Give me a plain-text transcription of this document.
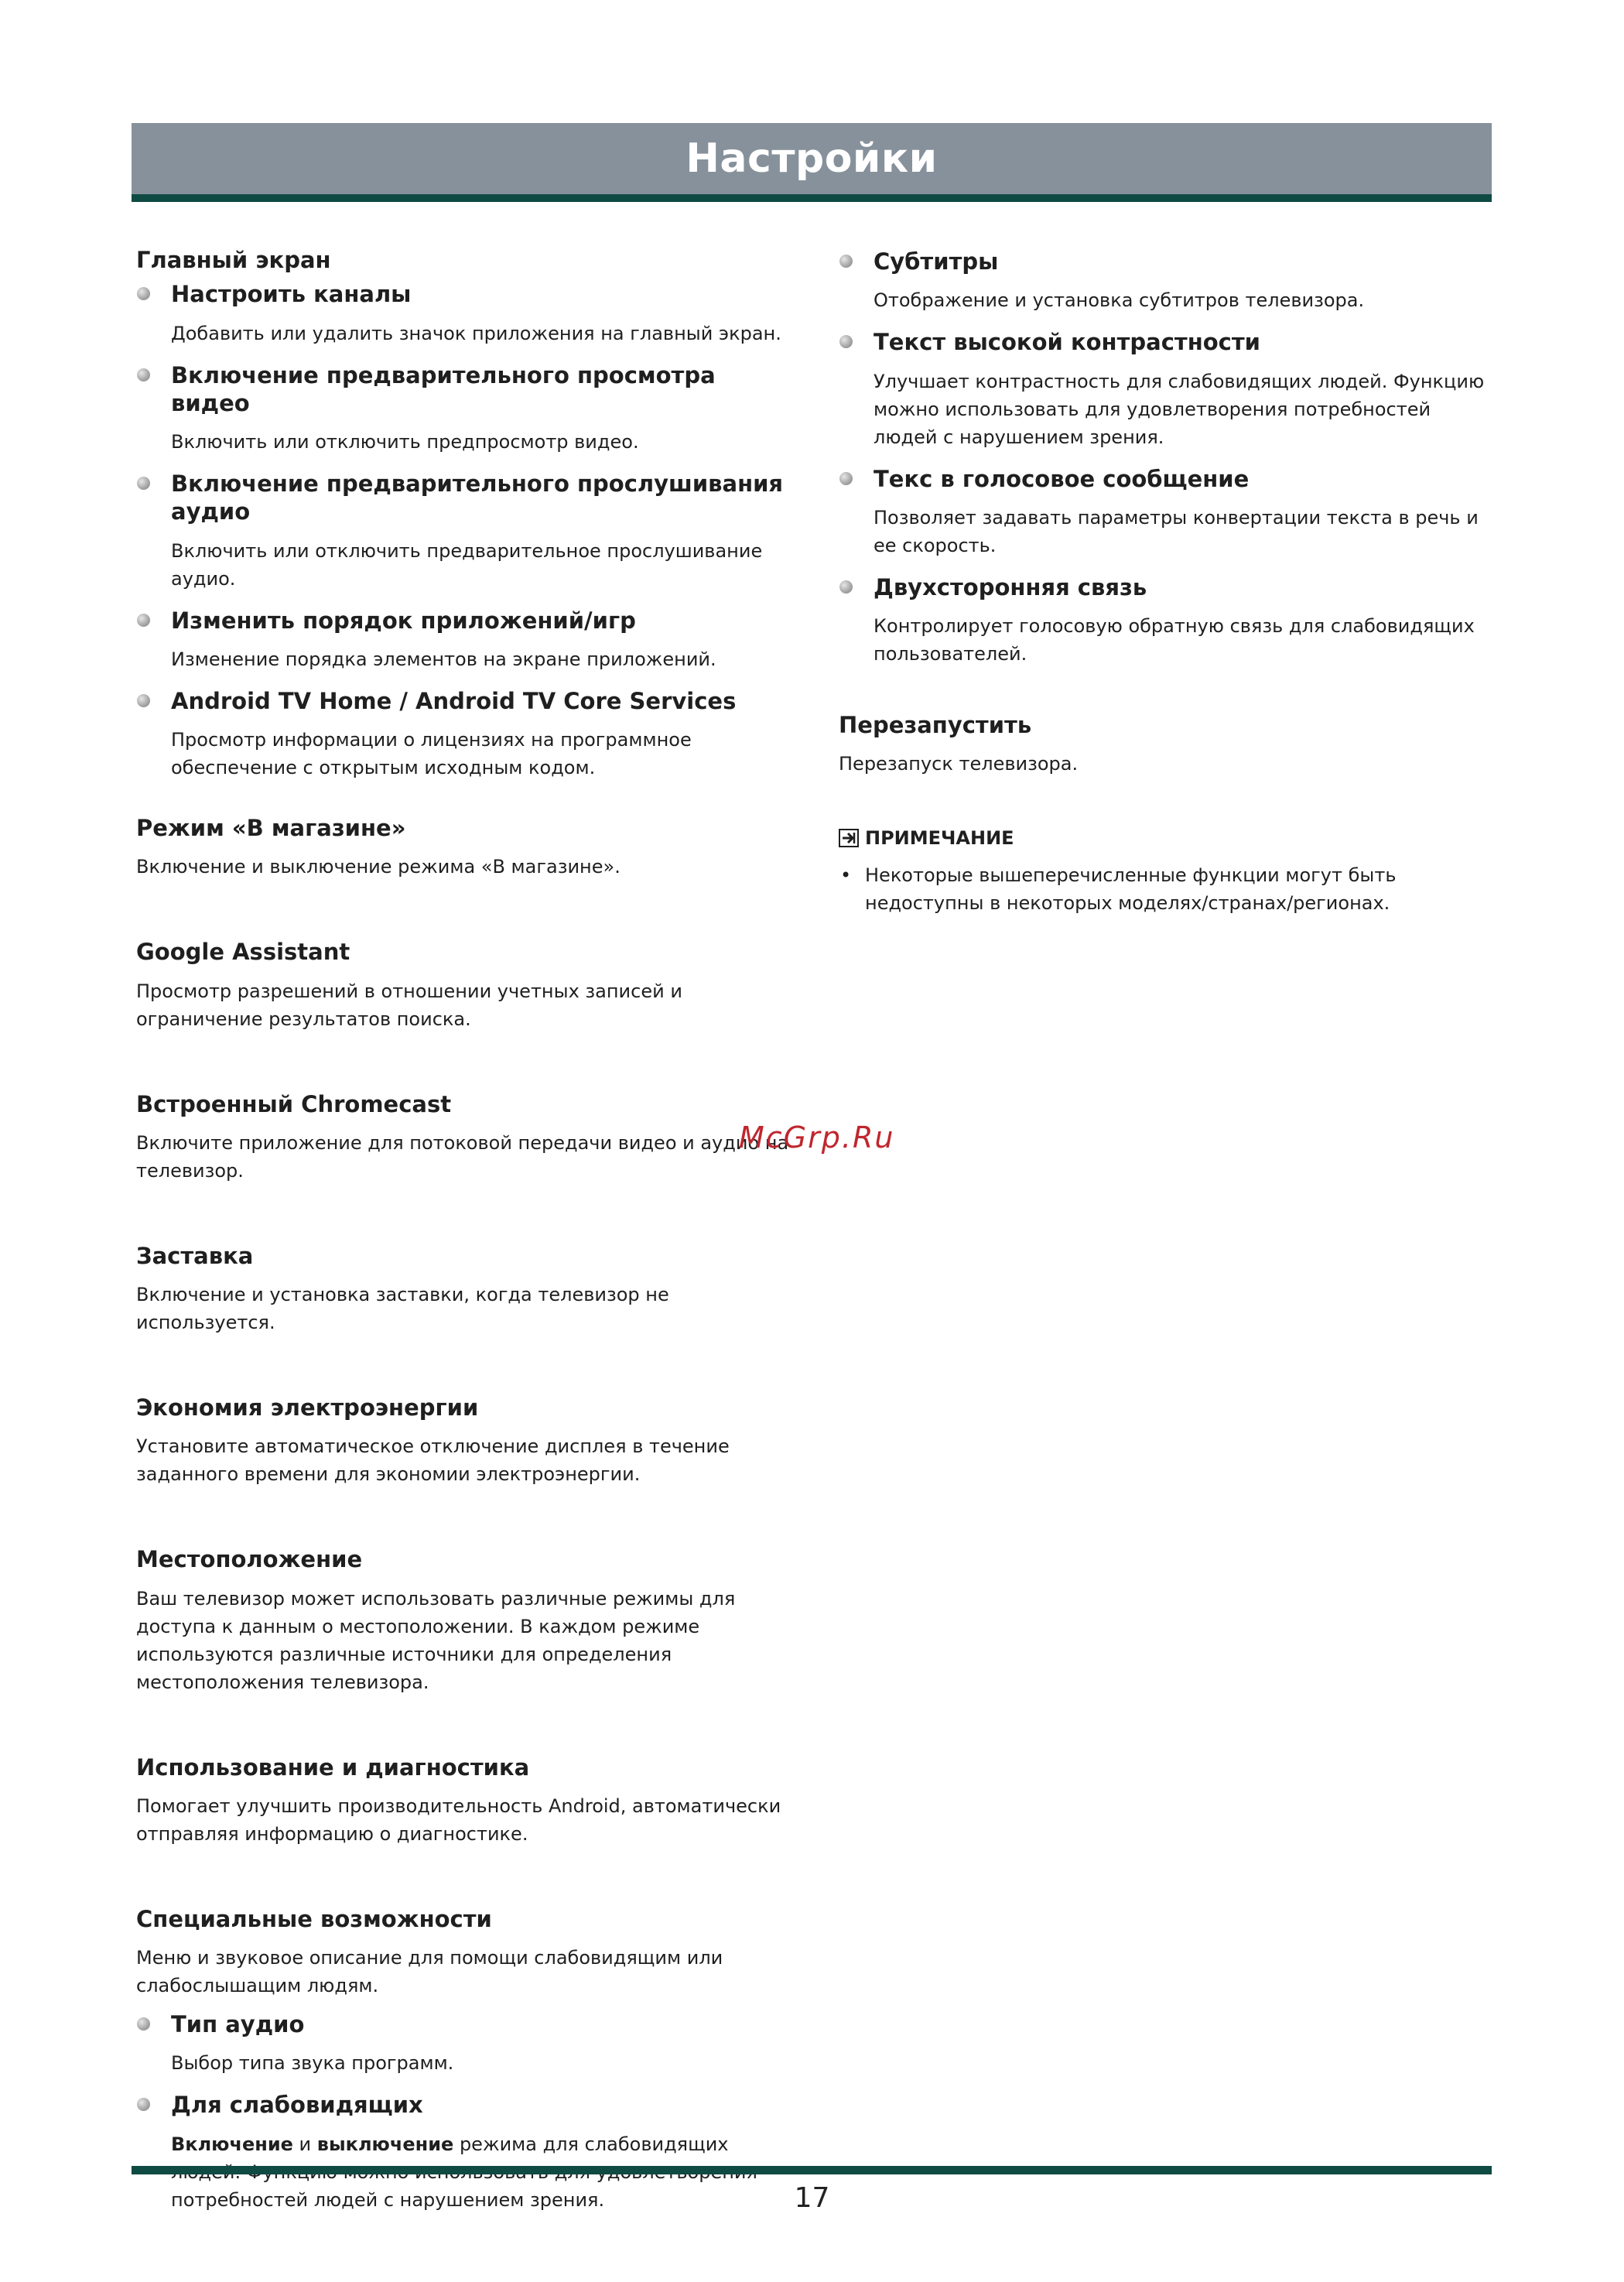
Настройки
Главный экран
Настроить каналы
Добавить или удалить значок приложения на главный экран.
Включение предварительного просмотра видео
Включить или отключить предпросмотр видео.
Включение предварительного прослушивания аудио
Включить или отключить предварительное прослушивание аудио.
Изменить порядок приложений/игр
Изменение порядка элементов на экране приложений.
Android TV Home / Android TV Core Services
Просмотр информации о лицензиях на программное обеспечение с открытым исходным кодом.
Режим «В магазине»
Включение и выключение режима «В магазине».
Google Assistant
Просмотр разрешений в отношении учетных записей и ограничение результатов поиска.
Встроенный Chromecast
Включите приложение для потоковой передачи видео и аудио на телевизор.
Заставка
Включение и установка заставки, когда телевизор не используется.
Экономия электроэнергии
Установите автоматическое отключение дисплея в течение заданного времени для экономии электроэнергии.
Местоположение
Ваш телевизор может использовать различные режимы для доступа к данным о местоположении. В каждом режиме используются различные источники для определения местоположения телевизора.
Использование и диагностика
Помогает улучшить производительность Android, автоматически отправляя информацию о диагностике.
Специальные возможности
Меню и звуковое описание для помощи слабовидящим или слабослышащим людям.
Тип аудио
Выбор типа звука программ.
Для слабовидящих
Включение и выключение режима для слабовидящих потребностей людей с нарушением зрения.
Субтитры
Отображение и установка субтитров телевизора.
Текст высокой контрастности
Улучшает контрастность для слабовидящих людей. Функцию можно использовать для удовлетворения потребностей людей с нарушением зрения.
Текс в голосовое сообщение
Позволяет задавать параметры конвертации текста в речь и ее скорость.
Двухсторонняя связь
Контролирует голосовую обратную связь для слабовидящих пользователей.
Перезапустить
Перезапуск телевизора.
ПРИМЕЧАНИЕ
• Некоторые вышеперечисленные функции могут быть недоступны в некоторых моделях/странах/регионах.
McGrp.Ru
17
